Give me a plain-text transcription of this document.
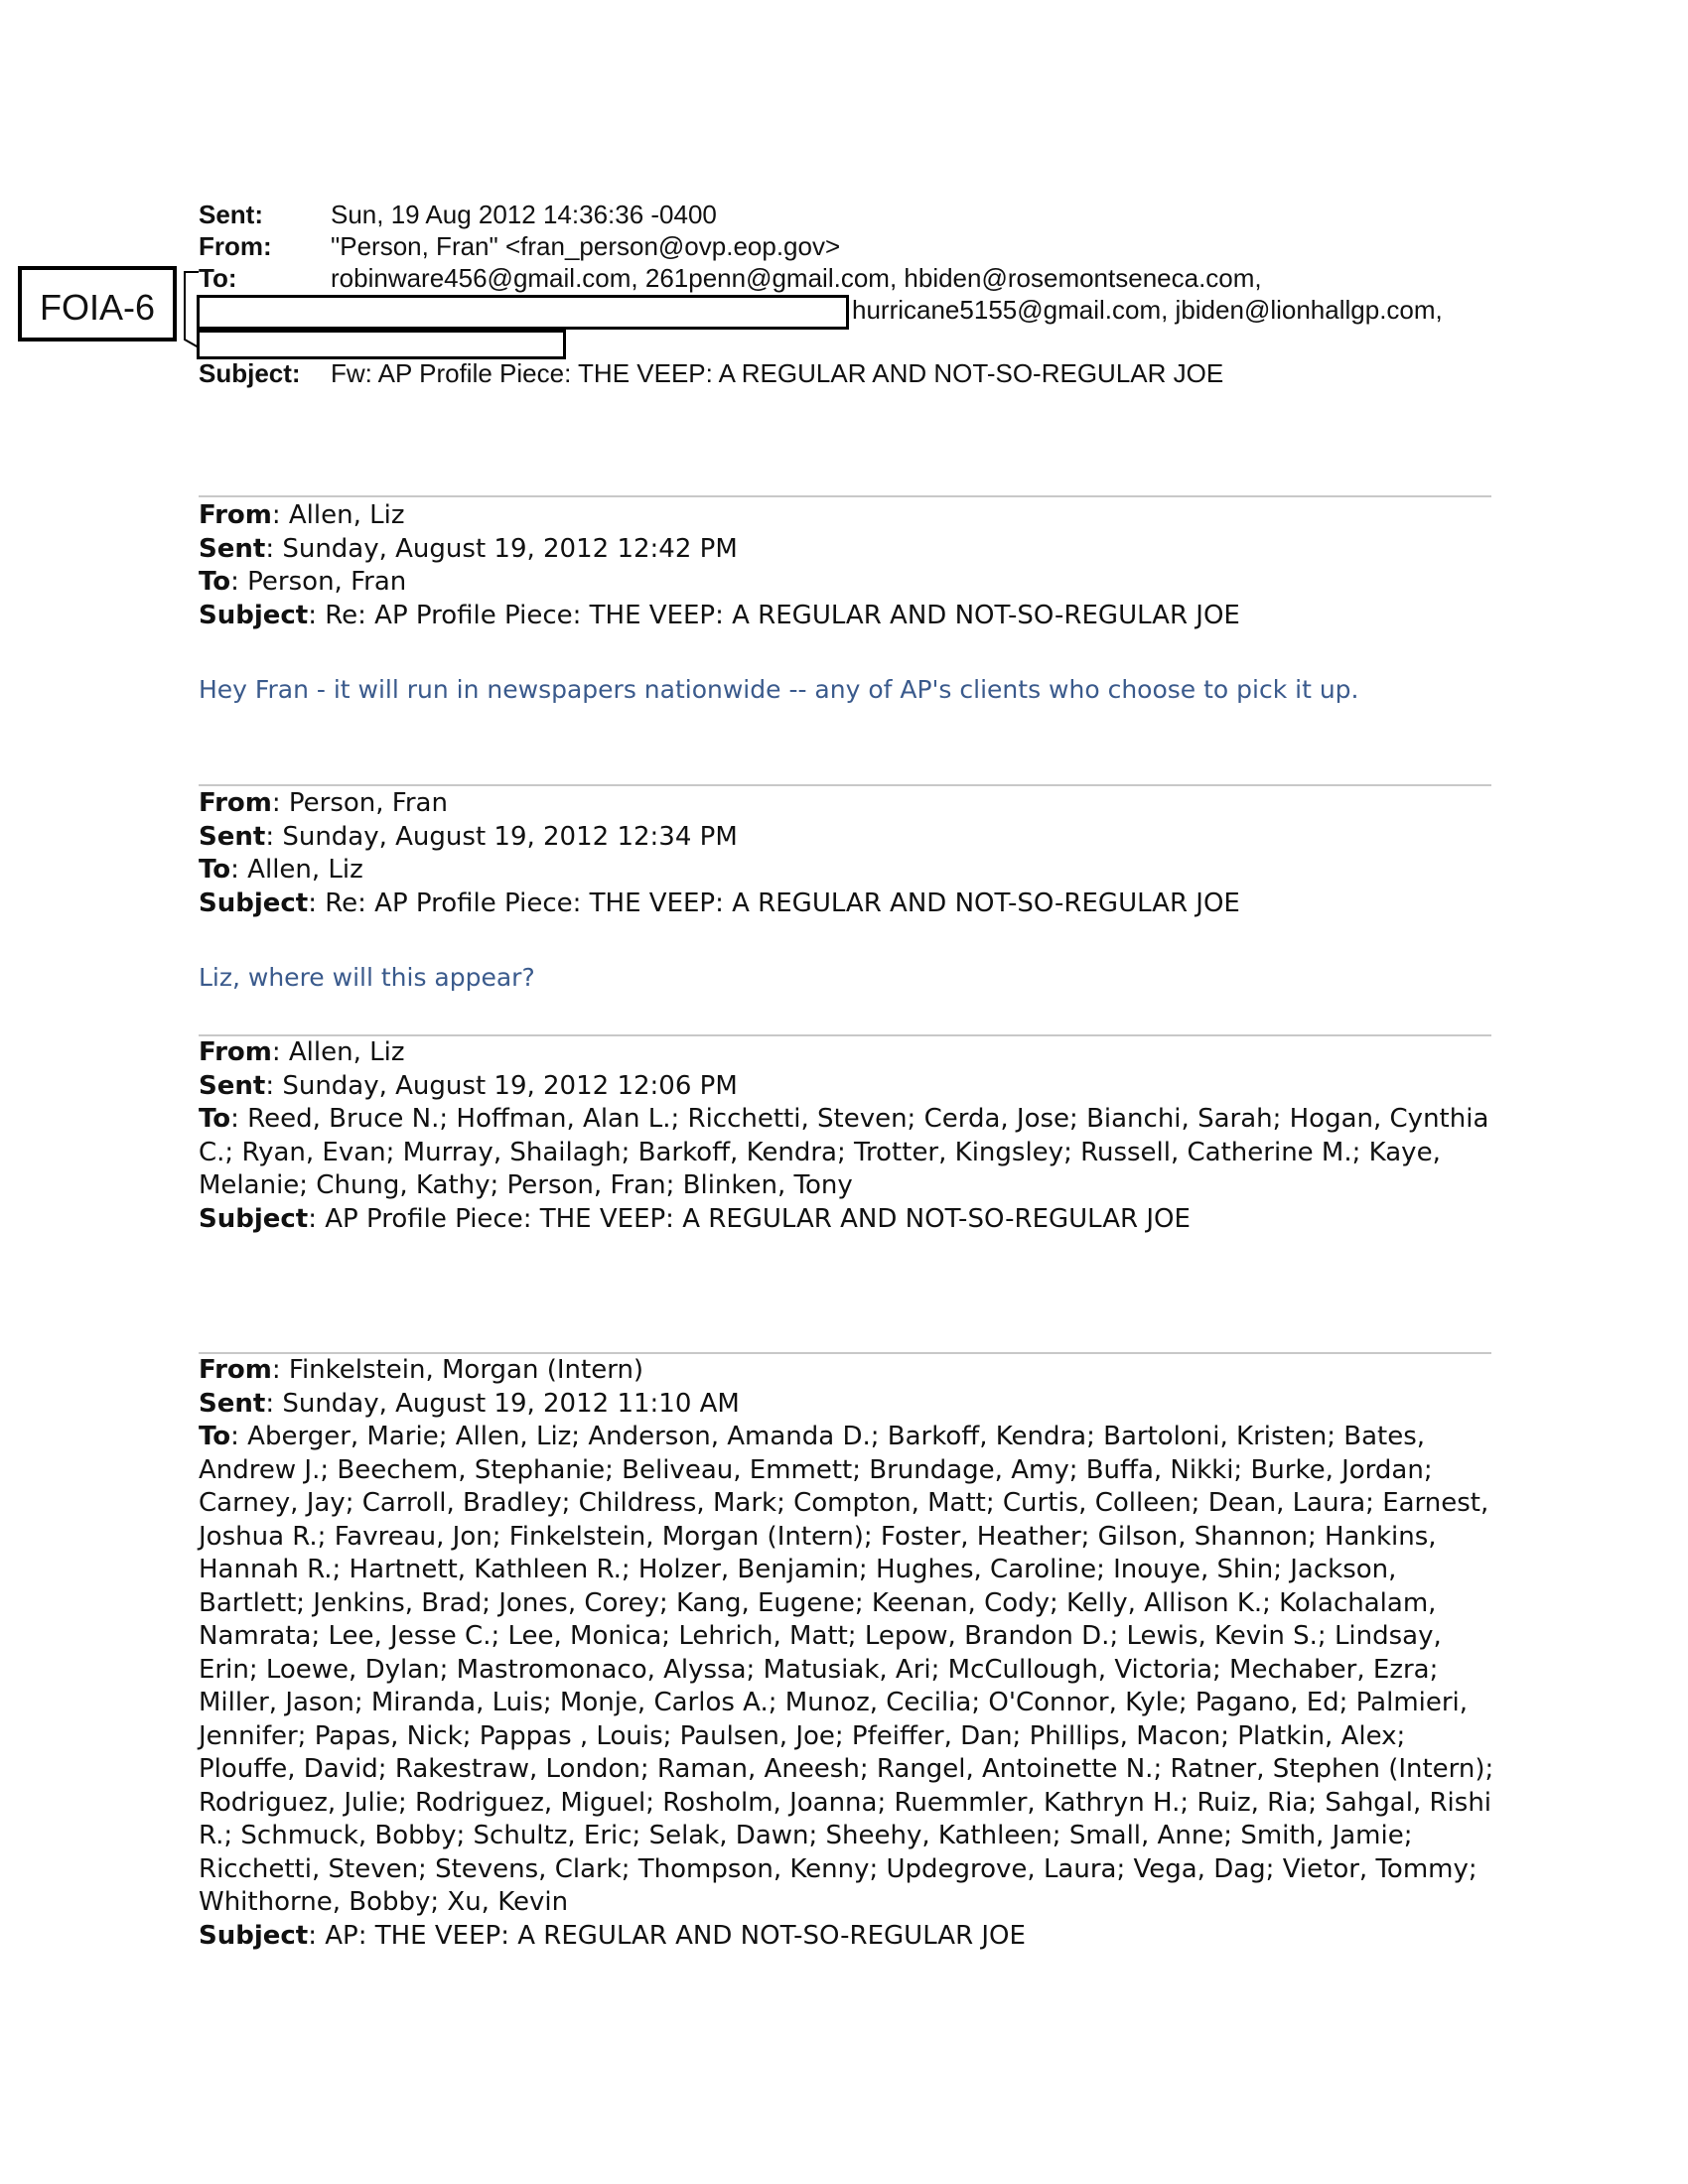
Sent:	Sun, 19 Aug 2012 14:36:36 -0400
From: "Person, Fran" <fran_person@ovp.eop.gov>
To:	robinware456@gmail.com, 261penn@gmail.com, hbiden@rosemontseneca.com,
hurricane5155@gmail.com, jbiden@lionhallgp.com,
Subject: Fw: AP Profile Piece: THE VEEP: A REGULAR AND NOT-SO-REGULAR JOE
FOIA-6
From: Allen, Liz
Sent: Sunday, August 19, 2012 12:42 PM
To: Person, Fran
Subject: Re: AP Profile Piece: THE VEEP: A REGULAR AND NOT-SO-REGULAR JOE
Hey Fran - it will run in newspapers nationwide -- any of AP's clients who choose to pick it up.
From: Person, Fran
Sent: Sunday, August 19, 2012 12:34 PM
To: Allen, Liz
Subject: Re: AP Profile Piece: THE VEEP: A REGULAR AND NOT-SO-REGULAR JOE
Liz, where will this appear?
From: Allen, Liz
Sent: Sunday, August 19, 2012 12:06 PM
To: Reed, Bruce N.; Hoffman, Alan L.; Ricchetti, Steven; Cerda, Jose; Bianchi, Sarah; Hogan, Cynthia C.; Ryan, Evan; Murray, Shailagh; Barkoff, Kendra; Trotter, Kingsley; Russell, Catherine M.; Kaye, Melanie; Chung, Kathy; Person, Fran; Blinken, Tony
Subject: AP Profile Piece: THE VEEP: A REGULAR AND NOT-SO-REGULAR JOE
From: Finkelstein, Morgan (Intern)
Sent: Sunday, August 19, 2012 11:10 AM
To: Aberger, Marie; Allen, Liz; Anderson, Amanda D.; Barkoff, Kendra; Bartoloni, Kristen; Bates, Andrew J.; Beechem, Stephanie; Beliveau, Emmett; Brundage, Amy; Buffa, Nikki; Burke, Jordan; Carney, Jay; Carroll, Bradley; Childress, Mark; Compton, Matt; Curtis, Colleen; Dean, Laura; Earnest, Joshua R.; Favreau, Jon; Finkelstein, Morgan (Intern); Foster, Heather; Gilson, Shannon; Hankins, Hannah R.; Hartnett, Kathleen R.; Holzer, Benjamin; Hughes, Caroline; Inouye, Shin; Jackson, Bartlett; Jenkins, Brad; Jones, Corey; Kang, Eugene; Keenan, Cody; Kelly, Allison K.; Kolachalam, Namrata; Lee, Jesse C.; Lee, Monica; Lehrich, Matt; Lepow, Brandon D.; Lewis, Kevin S.; Lindsay, Erin; Loewe, Dylan; Mastromonaco, Alyssa; Matusiak, Ari; McCullough, Victoria; Mechaber, Ezra; Miller, Jason; Miranda, Luis; Monje, Carlos A.; Munoz, Cecilia; O'Connor, Kyle; Pagano, Ed; Palmieri, Jennifer; Papas, Nick; Pappas , Louis; Paulsen, Joe; Pfeiffer, Dan; Phillips, Macon; Platkin, Alex; Plouffe, David; Rakestraw, London; Raman, Aneesh; Rangel, Antoinette N.; Ratner, Stephen (Intern); Rodriguez, Julie; Rodriguez, Miguel; Rosholm, Joanna; Ruemmler, Kathryn H.; Ruiz, Ria; Sahgal, Rishi R.; Schmuck, Bobby; Schultz, Eric; Selak, Dawn; Sheehy, Kathleen; Small, Anne; Smith, Jamie; Ricchetti, Steven; Stevens, Clark; Thompson, Kenny; Updegrove, Laura; Vega, Dag; Vietor, Tommy; Whithorne, Bobby; Xu, Kevin
Subject: AP: THE VEEP: A REGULAR AND NOT-SO-REGULAR JOE
